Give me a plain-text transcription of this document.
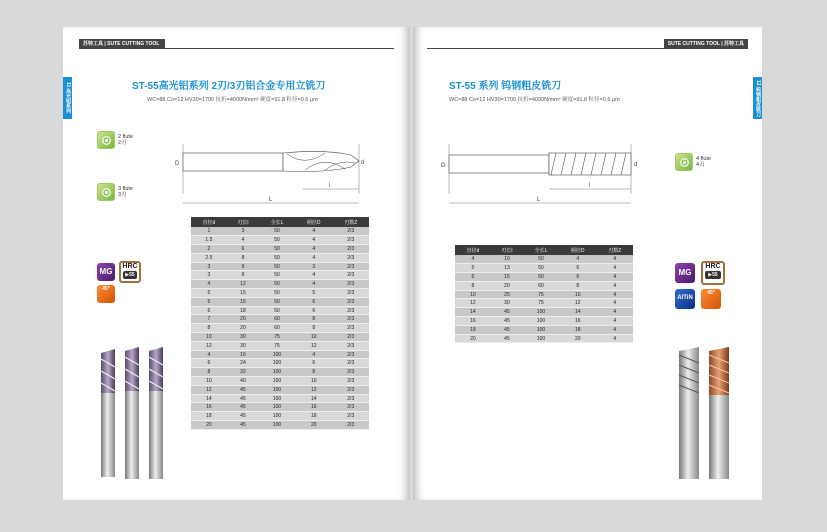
苏特工具 | SUTE CUTTING TOOL
11 高光铝系列
ST-55高光铝系列 2刃/3刃铝合金专用立铣刀
WC=88 Co=12 HV30=1700 抗折=4000N/mm² 硬度=91.8 粒径=0.6 μm
2 flute
2刃
3 flute
3刃
D	d
l
L
MG
HRC
▶55
45°
直径d	刃长l	全长L	柄径D	刃数Z
1	3	50	4	2/3
1.5	4	50	4	2/3
2	6	50	4	2/3
2.5	8	50	4	2/3
3	9	50	3	2/3
3	9	50	4	2/3
4	12	50	4	2/3
5	15	50	5	2/3
5	15	50	6	2/3
6	18	50	6	2/3
7	20	60	8	2/3
8	20	60	8	2/3
10	30	75	10	2/3
12	30	75	12	2/3
4	16	100	4	2/3
6	24	100	6	2/3
8	32	100	8	2/3
10	40	100	10	2/3
12	45	100	12	2/3
14	45	100	14	2/3
16	45	100	16	2/3
18	45	100	18	2/3
20	45	100	20	2/3
SUTE CUTTING TOOL | 苏特工具
12 钨钢粗皮铣刀
ST-55 系列 钨钢粗皮铣刀
WC=88 Co=12 HV30=1700 抗折=4000N/mm² 硬度=91.8 粒径=0.6 μm
4 flute
4刃
D	d
l
L
直径d	刃长l	全长L	柄径D	刃数Z
4	10	50	4	4
5	13	50	6	4
6	15	50	6	4
8	20	60	8	4
10	25	75	10	4
12	30	75	12	4
14	45	100	14	4
16	45	100	16	4
18	45	100	18	4
20	45	100	20	4
MG
HRC
▶55
AITiN
45°
